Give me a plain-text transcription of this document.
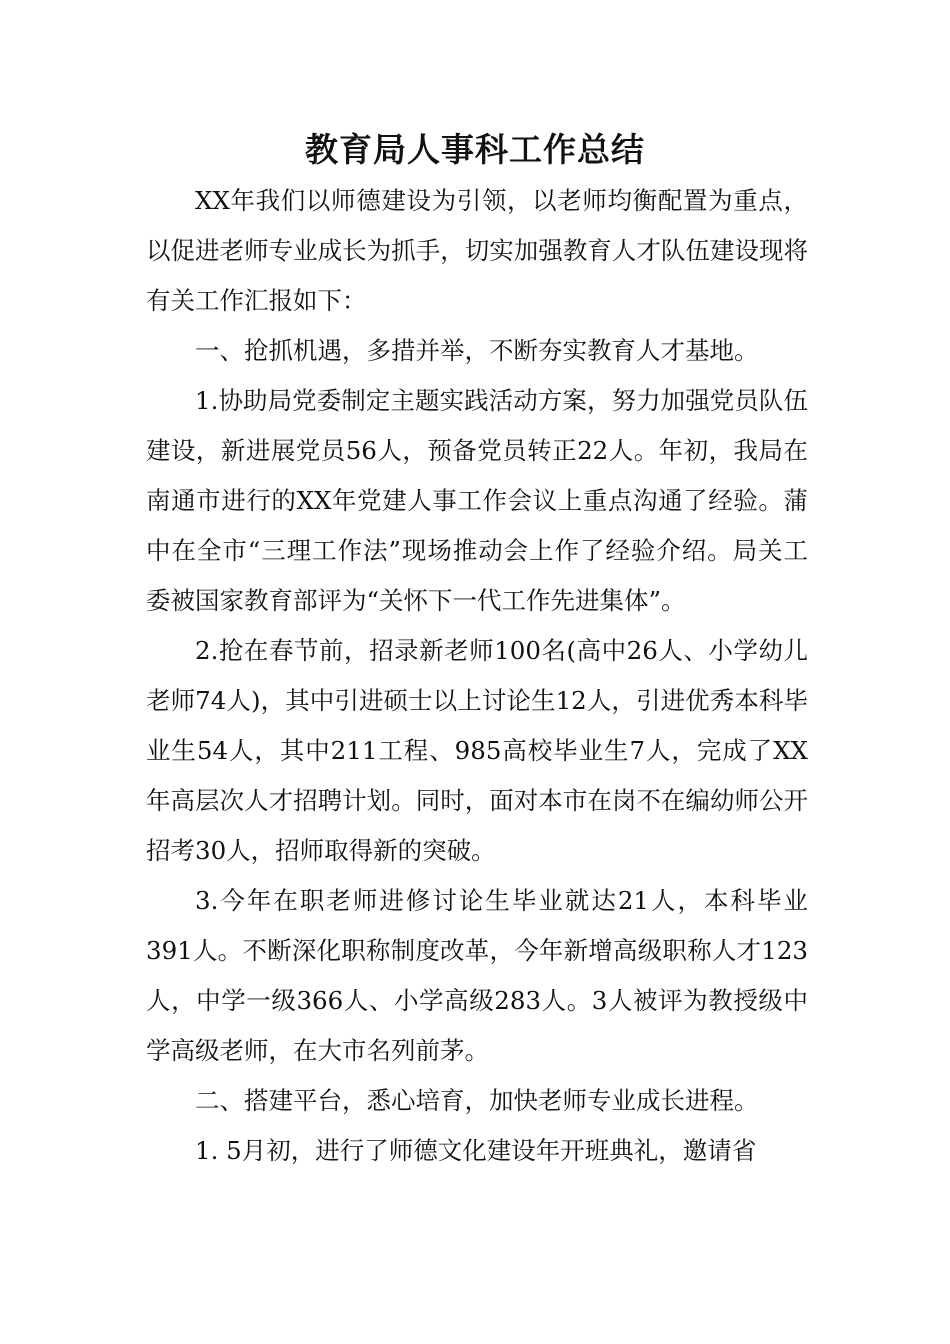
教育局人事科工作总结

XX年我们以师德建设为引领，以老师均衡配置为重点，以促进老师专业成长为抓手，切实加强教育人才队伍建设现将有关工作汇报如下：

一、抢抓机遇，多措并举，不断夯实教育人才基地。

1.协助局党委制定主题实践活动方案，努力加强党员队伍建设，新进展党员56人，预备党员转正22人。年初，我局在南通市进行的XX年党建人事工作会议上重点沟通了经验。蒲中在全市“三理工作法”现场推动会上作了经验介绍。局关工委被国家教育部评为“关怀下一代工作先进集体”。

2.抢在春节前，招录新老师100名(高中26人、小学幼儿老师74人)，其中引进硕士以上讨论生12人，引进优秀本科毕业生54人，其中211工程、985高校毕业生7人，完成了XX年高层次人才招聘计划。同时，面对本市在岗不在编幼师公开招考30人，招师取得新的突破。

3.今年在职老师进修讨论生毕业就达21人，本科毕业391人。不断深化职称制度改革，今年新增高级职称人才123人，中学一级366人、小学高级283人。3人被评为教授级中学高级老师，在大市名列前茅。

二、搭建平台，悉心培育，加快老师专业成长进程。

1. 5月初，进行了师德文化建设年开班典礼，邀请省
